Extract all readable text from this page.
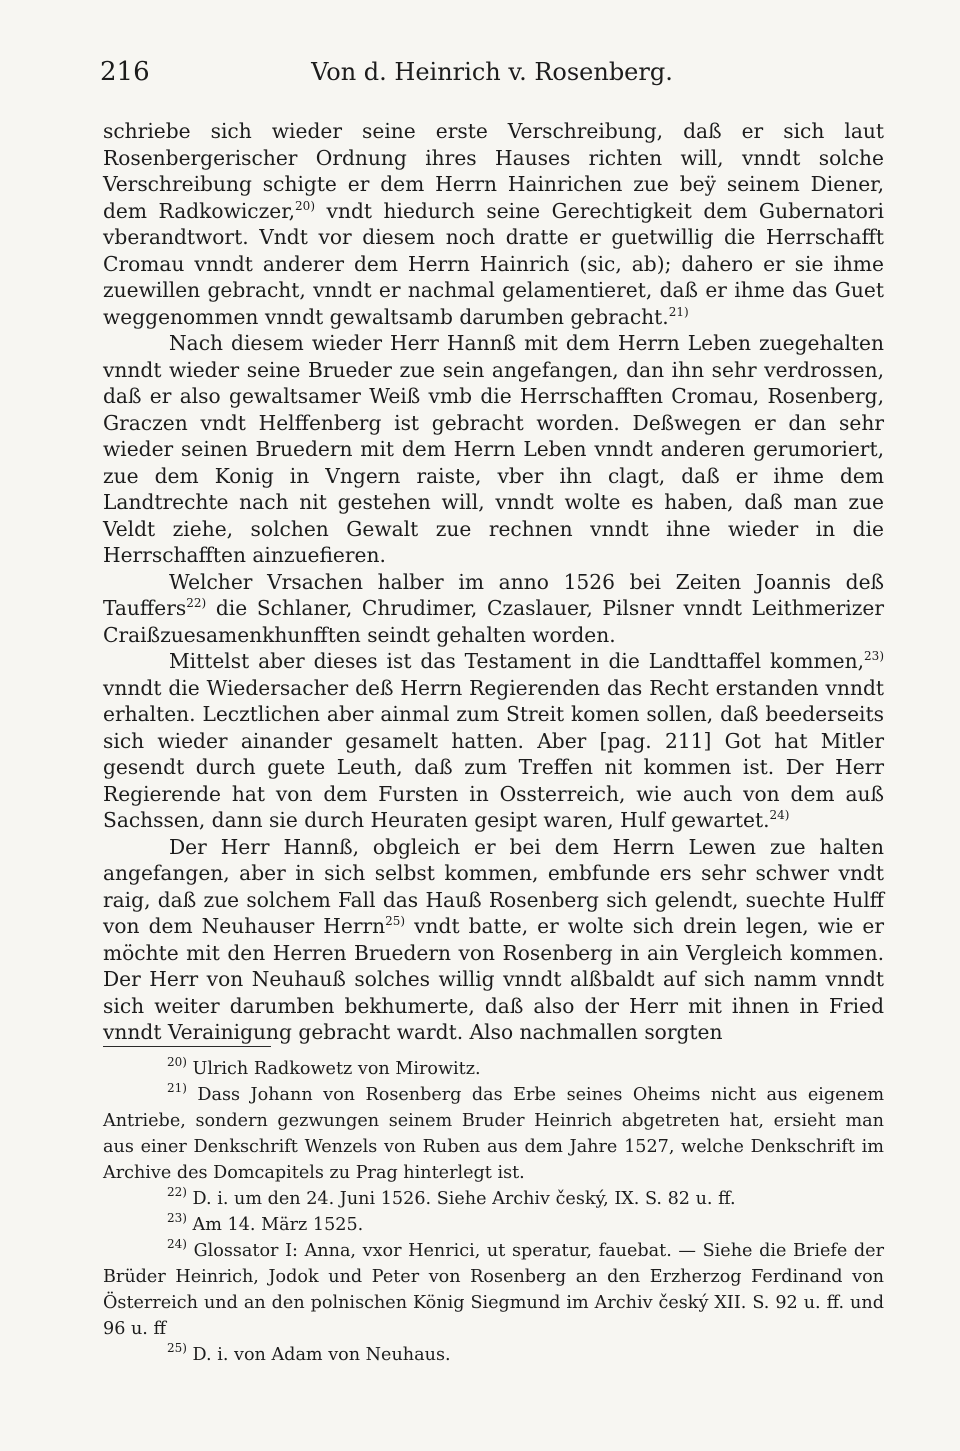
216	Von d. Heinrich v. Rosenberg.

schriebe sich wieder seine erste Verschreibung, daß er sich laut Rosenbergerischer Ordnung ihres Hauses richten will, vnndt solche Verschreibung schigte er dem Herrn Hainrichen zue beÿ seinem Diener, dem Radkowiczer,$^{20)}$ vndt hiedurch seine Gerechtigkeit dem Gubernatori vberandtwort. Vndt vor diesem noch dratte er guetwillig die Herrschafft Cromau vnndt anderer dem Herrn Hainrich (sic, ab); dahero er sie ihme zuewillen gebracht, vnndt er nachmal gelamentieret, daß er ihme das Guet weggenommen vnndt gewaltsamb darumben gebracht.$^{21)}$

Nach diesem wieder Herr Hannß mit dem Herrn Leben zuegehalten vnndt wieder seine Brueder zue sein angefangen, dan ihn sehr verdrossen, daß er also gewaltsamer Weiß vmb die Herrschafften Cromau, Rosenberg, Graczen vndt Helffenberg ist gebracht worden. Deßwegen er dan sehr wieder seinen Bruedern mit dem Herrn Leben vnndt anderen gerumoriert, zue dem Konig in Vngern raiste, vber ihn clagt, daß er ihme dem Landtrechte nach nit gestehen will, vnndt wolte es haben, daß man zue Veldt ziehe, solchen Gewalt zue rechnen vnndt ihne wieder in die Herrschafften ainzuefieren.

Welcher Vrsachen halber im anno 1526 bei Zeiten Joannis deß Tauffers$^{22)}$ die Schlaner, Chrudimer, Czaslauer, Pilsner vnndt Leithmerizer Craißzuesamenkhunfften seindt gehalten worden.

Mittelst aber dieses ist das Testament in die Landttaffel kommen,$^{23)}$ vnndt die Wiedersacher deß Herrn Regierenden das Recht erstanden vnndt erhalten. Lecztlichen aber ainmal zum Streit komen sollen, daß beederseits sich wieder ainander gesamelt hatten. Aber [pag. 211] Got hat Mitler gesendt durch guete Leuth, daß zum Treffen nit kommen ist. Der Herr Regierende hat von dem Fursten in Ossterreich, wie auch von dem auß Sachssen, dann sie durch Heuraten gesipt waren, Hulf gewartet.$^{24)}$

Der Herr Hannß, obgleich er bei dem Herrn Lewen zue halten angefangen, aber in sich selbst kommen, embfunde ers sehr schwer vndt raig, daß zue solchem Fall das Hauß Rosenberg sich gelendt, suechte Hulff von dem Neuhauser Herrn$^{25)}$ vndt batte, er wolte sich drein legen, wie er möchte mit den Herren Bruedern von Rosenberg in ain Vergleich kommen. Der Herr von Neuhauß solches willig vnndt alßbaldt auf sich namm vnndt sich weiter darumben bekhumerte, daß also der Herr mit ihnen in Fried vnndt Verainigung gebracht wardt. Also nachmallen sorgten

$^{20)}$ Ulrich Radkowetz von Mirowitz.

$^{21)}$ Dass Johann von Rosenberg das Erbe seines Oheims nicht aus eigenem Antriebe, sondern gezwungen seinem Bruder Heinrich abgetreten hat, ersieht man aus einer Denkschrift Wenzels von Ruben aus dem Jahre 1527, welche Denkschrift im Archive des Domcapitels zu Prag hinterlegt ist.

$^{22)}$ D. i. um den 24. Juni 1526. Siehe Archiv český, IX. S. 82 u. ff.

$^{23)}$ Am 14. März 1525.

$^{24)}$ Glossator I: Anna, vxor Henrici, ut speratur, fauebat. — Siehe die Briefe der Brüder Heinrich, Jodok und Peter von Rosenberg an den Erzherzog Ferdinand von Österreich und an den polnischen König Siegmund im Archiv český XII. S. 92 u. ff. und 96 u. ff

$^{25)}$ D. i. von Adam von Neuhaus.
